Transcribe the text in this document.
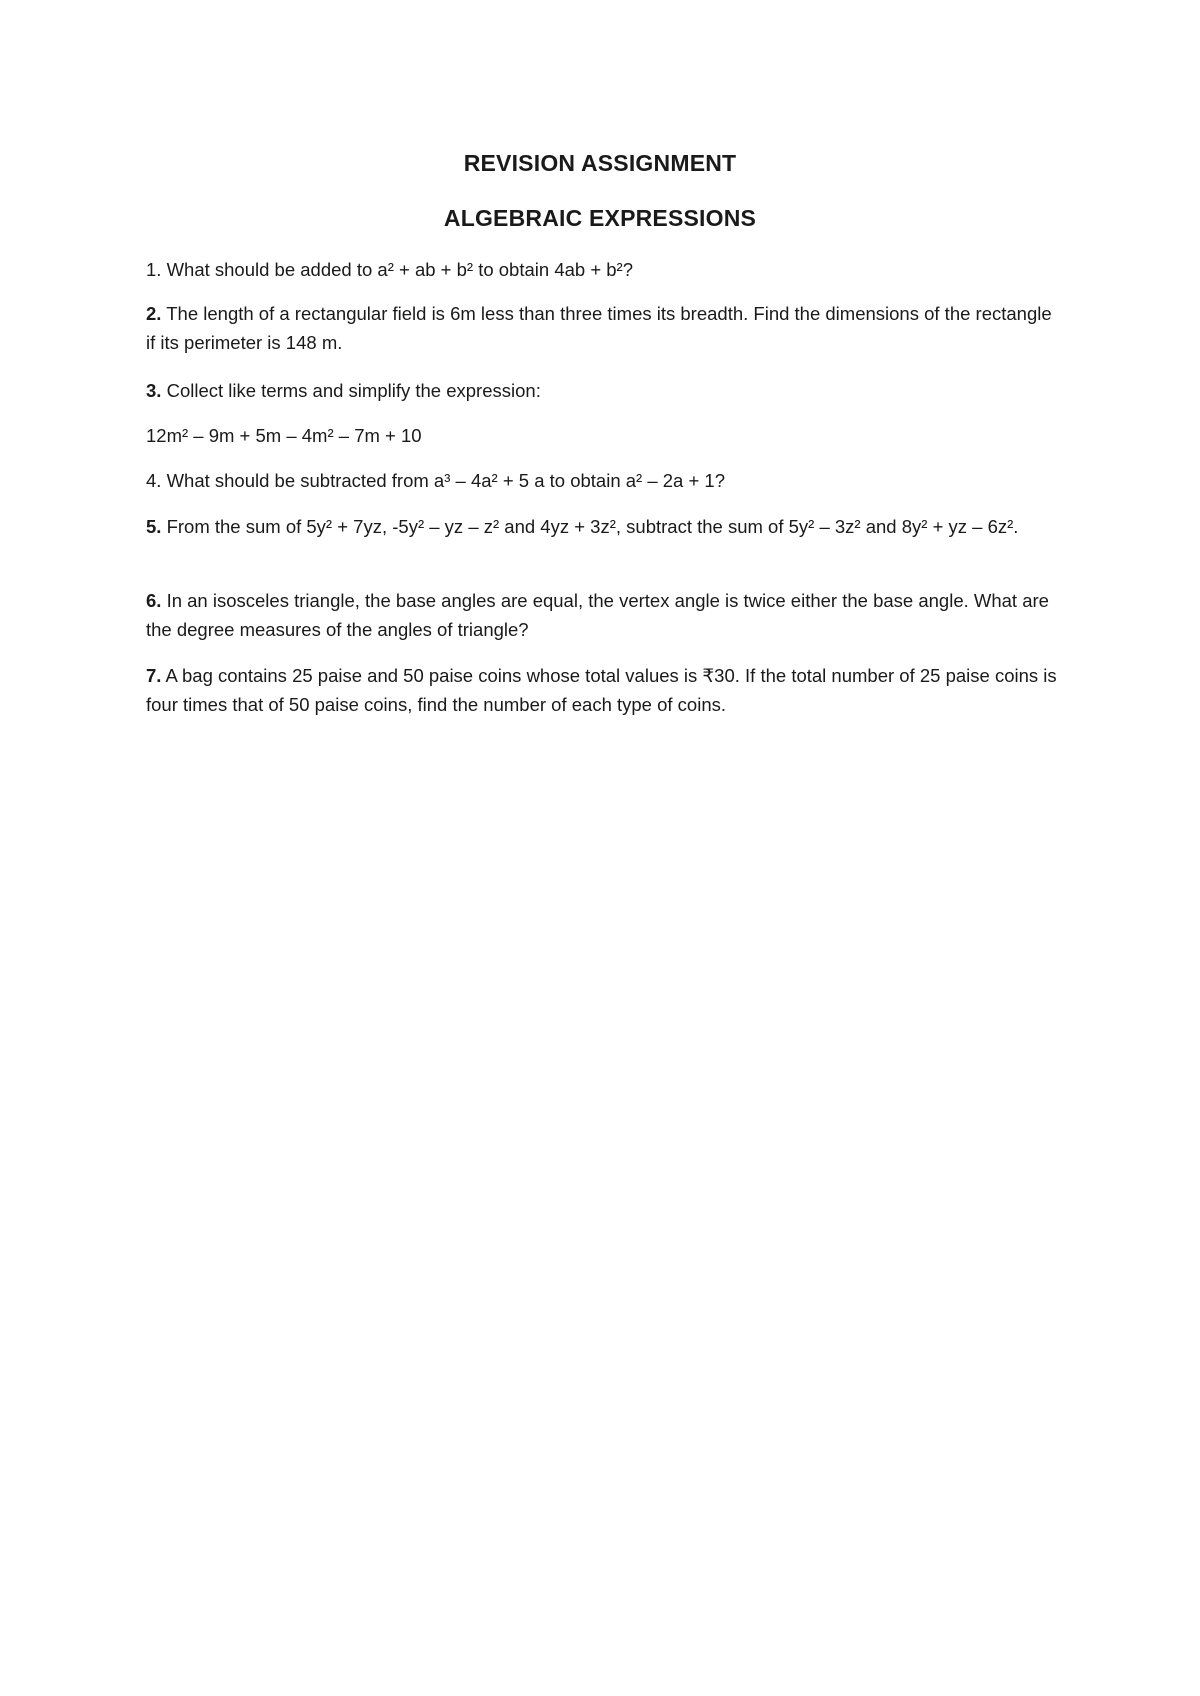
REVISION ASSIGNMENT
ALGEBRAIC EXPRESSIONS
1. What should be added to a² + ab + b² to obtain 4ab + b²?
2. The length of a rectangular field is 6m less than three times its breadth. Find the dimensions of the rectangle if its perimeter is 148 m.
3. Collect like terms and simplify the expression:
12m² – 9m + 5m – 4m² – 7m + 10
4. What should be subtracted from a³ – 4a² + 5 a to obtain a² – 2a + 1?
5. From the sum of 5y² + 7yz, -5y² – yz – z² and 4yz + 3z², subtract the sum of 5y² – 3z² and 8y² + yz – 6z².
6. In an isosceles triangle, the base angles are equal, the vertex angle is twice either the base angle. What are the degree measures of the angles of triangle?
7. A bag contains 25 paise and 50 paise coins whose total values is ₹30. If the total number of 25 paise coins is four times that of 50 paise coins, find the number of each type of coins.
